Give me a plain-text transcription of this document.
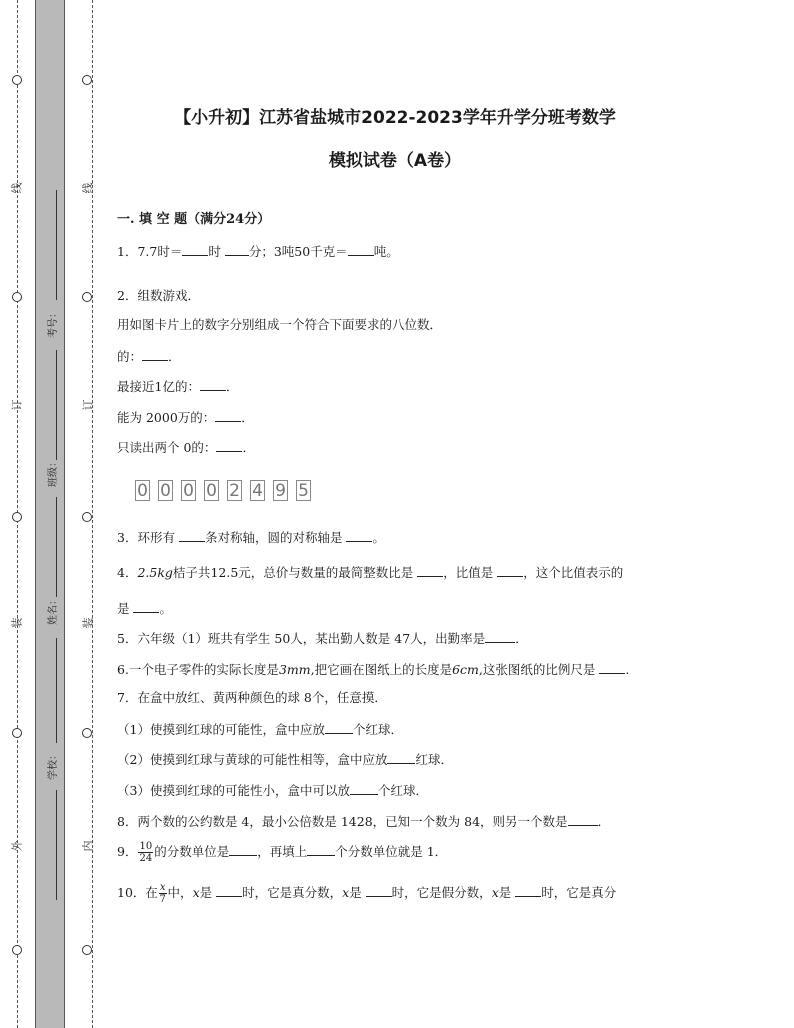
线
订
装
外
线
订
装
内
考号：
班级：
姓名：
学校：
【小升初】江苏省盐城市2022-2023学年升学分班考数学
模拟试卷（A卷）
一. 填 空 题（满分24分）
1．7.7时＝ 时 分；3吨50千克＝ 吨。
2．组数游戏．
用如图卡片上的数字分别组成一个符合下面要求的八位数．
的： ．
最接近1亿的： ．
能为 2000万的： ．
只读出两个 0的： ．
0 0 0 0 2 4 9 5
3．环形有 条对称轴，圆的对称轴是 。
4．2.5kg桔子共12.5元，总价与数量的最简整数比是 ，比值是 ，这个比值表示的
是 。
5．六年级（1）班共有学生 50人，某出勤人数是 47人，出勤率是 ．
6.一个电子零件的实际长度是3mm,把它画在图纸上的长度是6cm,这张图纸的比例尺是 .
7．在盒中放红、黄两种颜色的球 8个，任意摸．
（1）使摸到红球的可能性，盒中应放 个红球．
（2）使摸到红球与黄球的可能性相等，盒中应放 红球．
（3）使摸到红球的可能性小，盒中可以放 个红球．
8．两个数的公约数是 4，最小公倍数是 1428，已知一个数为 84，则另一个数是 ．
9． $\frac{10}{24}$ 的分数单位是 ，再填上 个分数单位就是 1．
10．在 $\frac{x}{7}$ 中，x是 时，它是真分数，x是 时，它是假分数，x是 时，它是真分
